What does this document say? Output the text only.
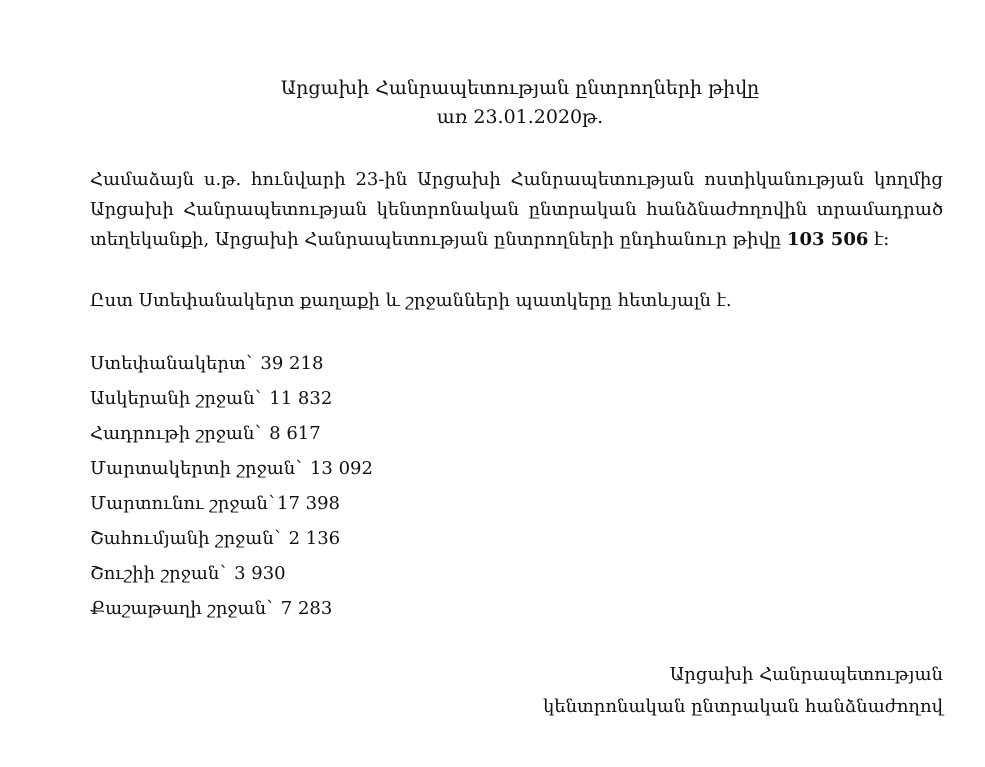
Արցախի Հանրապետության ընտրողների թիվը
առ 23.01.2020թ.
Համաձայն ս.թ. հունվարի 23-ին Արցախի Հանրապետության ոստիկանության կողմից Արցախի Հանրապետության կենտրոնական ընտրական հանձնաժողովին տրամադրած տեղեկանքի, Արցախի Հանրապետության ընտրողների ընդհանուր թիվը 103 506 է:
Ըստ Ստեփանակերտ քաղաքի և շրջանների պատկերը հետևյալն է.
Ստեփանակերտ` 39 218
Ասկերանի շրջան` 11 832
Հադրութի շրջան` 8 617
Մարտակերտի շրջան` 13 092
Մարտունու շրջան`17 398
Շահումյանի շրջան` 2 136
Շուշիի շրջան` 3 930
Քաշաթաղի շրջան` 7 283
Արցախի Հանրապետության
կենտրոնական ընտրական հանձնաժողով
